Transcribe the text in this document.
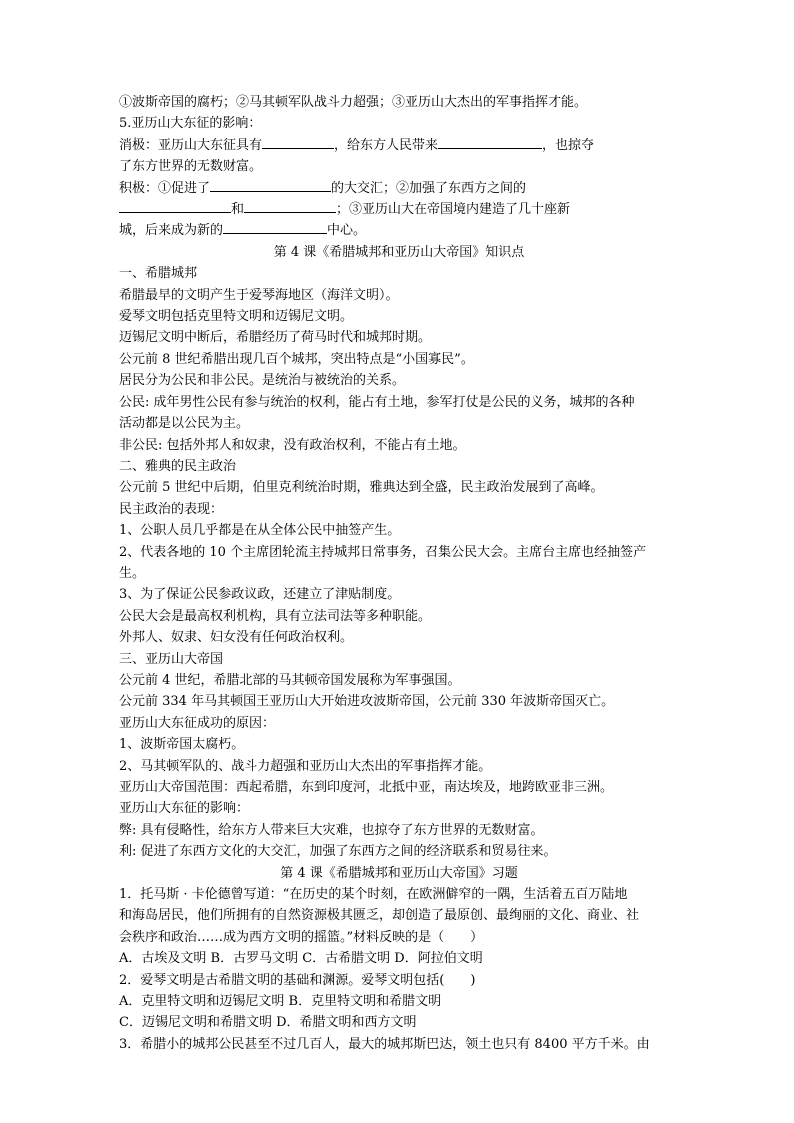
①波斯帝国的腐朽；②马其顿军队战斗力超强；③亚历山大杰出的军事指挥才能。
5.亚历山大东征的影响：
消极：亚历山大东征具有	，给东方人民带来	，也掠夺
了东方世界的无数财富。
积极：①促进了	的大交汇；②加强了东西方之间的
和	；③亚历山大在帝国境内建造了几十座新
城，后来成为新的	中心。
第 4 课《希腊城邦和亚历山大帝国》知识点
一、希腊城邦
希腊最早的文明产生于爱琴海地区（海洋文明）。
爱琴文明包括克里特文明和迈锡尼文明。
迈锡尼文明中断后，希腊经历了荷马时代和城邦时期。
公元前 8 世纪希腊出现几百个城邦，突出特点是“小国寡民”。
居民分为公民和非公民。是统治与被统治的关系。
公民: 成年男性公民有参与统治的权利，能占有土地，参军打仗是公民的义务，城邦的各种
活动都是以公民为主。
非公民: 包括外邦人和奴隶，没有政治权利，不能占有土地。
二、雅典的民主政治
公元前 5 世纪中后期，伯里克利统治时期，雅典达到全盛，民主政治发展到了高峰。
民主政治的表现：
1、公职人员几乎都是在从全体公民中抽签产生。
2、代表各地的 10 个主席团轮流主持城邦日常事务，召集公民大会。主席台主席也经抽签产
生。
3、为了保证公民参政议政，还建立了津贴制度。
公民大会是最高权利机构，具有立法司法等多种职能。
外邦人、奴隶、妇女没有任何政治权利。
三、亚历山大帝国
公元前 4 世纪，希腊北部的马其顿帝国发展称为军事强国。
公元前 334 年马其顿国王亚历山大开始进攻波斯帝国，公元前 330 年波斯帝国灭亡。
亚历山大东征成功的原因：
1、波斯帝国太腐朽。
2、马其顿军队的、战斗力超强和亚历山大杰出的军事指挥才能。
亚历山大帝国范围：西起希腊，东到印度河，北抵中亚，南达埃及，地跨欧亚非三洲。
亚历山大东征的影响：
弊: 具有侵略性，给东方人带来巨大灾难，也掠夺了东方世界的无数财富。
利: 促进了东西方文化的大交汇，加强了东西方之间的经济联系和贸易往来。
第 4 课《希腊城邦和亚历山大帝国》习题
1．托马斯 · 卡伦德曾写道：“在历史的某个时刻，在欧洲僻窄的一隅，生活着五百万陆地
和海岛居民，他们所拥有的自然资源极其匮乏，却创造了最原创、最绚丽的文化、商业、社
会秩序和政治……成为西方文明的摇篮。”材料反映的是（　　）
A．古埃及文明 B．古罗马文明 C．古希腊文明 D．阿拉伯文明
2．爱琴文明是古希腊文明的基础和渊源。爱琴文明包括(　　)
A．克里特文明和迈锡尼文明 B．克里特文明和希腊文明
C．迈锡尼文明和希腊文明 D．希腊文明和西方文明
3．希腊小的城邦公民甚至不过几百人，最大的城邦斯巴达，领土也只有 8400 平方千米。由
